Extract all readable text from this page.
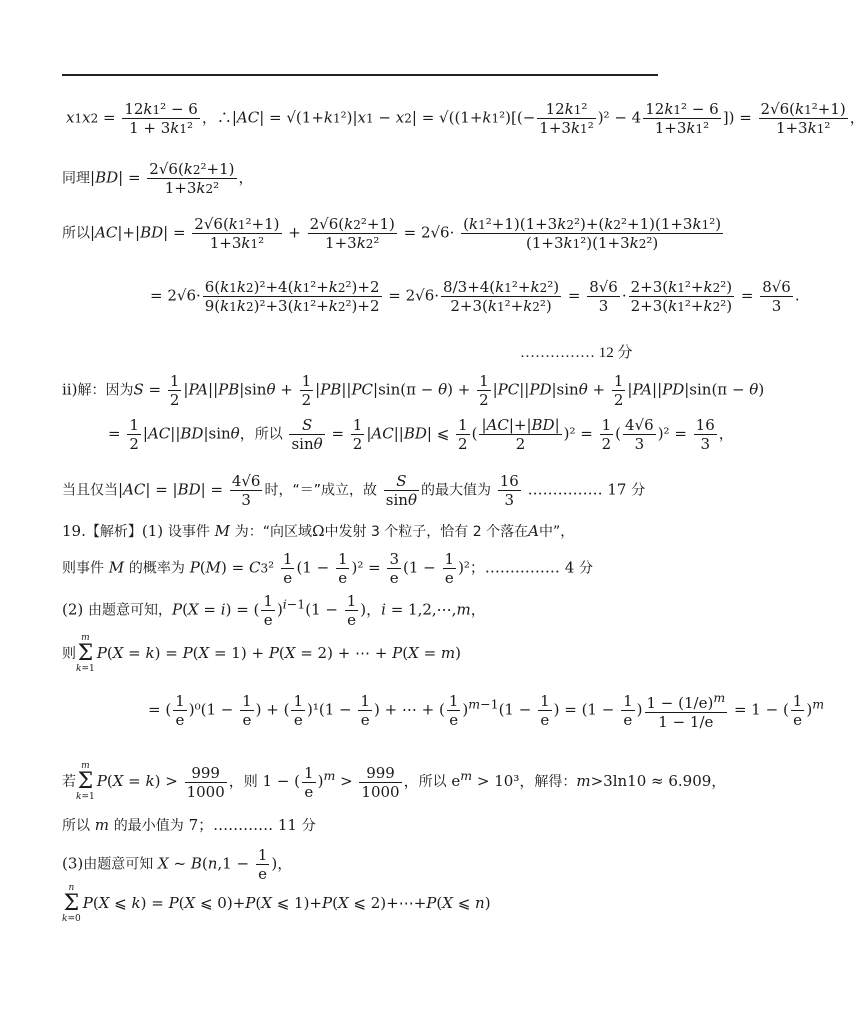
$x1x2 = \frac{\text{12k1² − 6}}{\text{1 + 3k1²}}$ ，∴|AC| = $√(1+k1^2)|x1 - x2| = √((1+k1^2)[(- \frac{\text{12k1²}}{\text{1+3k1²}} )^2 - 4 \frac{\text{12k1² − 6}}{\text{1+3k1²}}$ ]) = $\frac{\text{2√6(k1²+1)}}{\text{1+3k1²}}$ ，
同理$|BD| = \frac{\text{2√6(k2²+1)}}{\text{1+3k2²}}$ ，
所以$|AC|+|BD| = \frac{\text{2√6(k1²+1)}}{\text{1+3k1²}} + \frac{\text{2√6(k2²+1)}}{\text{1+3k2²}} = 2√6\cdot \frac{\text{(k1²+1)(1+3k2²)+(k2²+1)(1+3k1²)}}{\text{(1+3k1²)(1+3k2²)}}$
= $2√6\cdot \frac{\text{6(k1k2)²+4(k1²+k2²)+2}}{\text{9(k1k2)²+3(k1²+k2²)+2}} = 2√6\cdot \frac{\text{8/3+4(k1²+k2²)}}{\text{2+3(k1²+k2²)}} = \frac{8√6}{3} \cdot \frac{\text{2+3(k1²+k2²)}}{\text{2+3(k1²+k2²)}} = \frac{8√6}{3}$ .
…………… 12 分
ii)解：因为$S = \frac{1}{2} |PA||PB|\sin\theta + \frac{1}{2} |PB||PC|\sin(\pi - \theta) + \frac{1}{2} |PC||PD|\sin\theta + \frac{1}{2} |PA||PD|\sin(\pi - \theta)$
= $\frac{1}{2} |AC||BD|\sin\theta$，所以 $\frac{S}{\sin\theta} = \frac{1}{2} |AC||BD|$ ⩽ $\frac{1}{2}$ ( $\frac{|AC|+|BD|}{2} )^2 = \frac{1}{2}$ ( $\frac{4√6}{3} )^2 = \frac{16}{3}$ ，
当且仅当$|AC| = |BD| = \frac{4√6}{3}$ 时，“＝”成立，故 $\frac{S}{\sin\theta}$ 的最大值为 $\frac{16}{3}$ …………… 17 分
19.【解析】(1) 设事件 M 为：“向区域Ω中发射 3 个粒子，恰有 2 个落在A中”，
则事件 M 的概率为 $P(M) = C3^2 \frac{1}{e} (1 - \frac{1}{e} )^2 = \frac{3}{e} (1 - \frac{1}{e} )^2$；…………… 4 分
(2) 由题意可知，P(X = i) = ( $\frac{1}{e} )^{i-1}(1 - \frac{1}{e}$ )，i = 1,2,⋯,m，
则m
Σ
k=1P(X = k) = P(X = 1) + P(X = 2) + ⋯ + P(X = m)
= ( $\frac{1}{e} )^0(1 - \frac{1}{e}$ ) + ( $\frac{1}{e} )^1(1 - \frac{1}{e}$ ) + ⋯ + ( $\frac{1}{e} )^{m-1}(1 - \frac{1}{e}$ ) = ($1 - \frac{1}{e}$ ) $\frac{1 - (1/e)^m}{1 - 1/e} = 1$ − ( $\frac{1}{e} )^m$
若m
Σ
$k=1P(X = k) > \frac{999}{1000}$ ，则 1 − ( $\frac{1}{e} )^m > \frac{999}{1000}$ ，所以 $e^m > 10^3$，解得：m>3ln10 ≈ 6.909，
所以 m 的最小值为 7；………… 11 分
(3)由题意可知 X ~ $B(n,1 - \frac{1}{e}$ )，
n
Σ
k=0P(X ⩽ k) = P(X ⩽ 0)+P(X ⩽ 1)+P(X ⩽ 2)+⋯+P(X ⩽ n)
